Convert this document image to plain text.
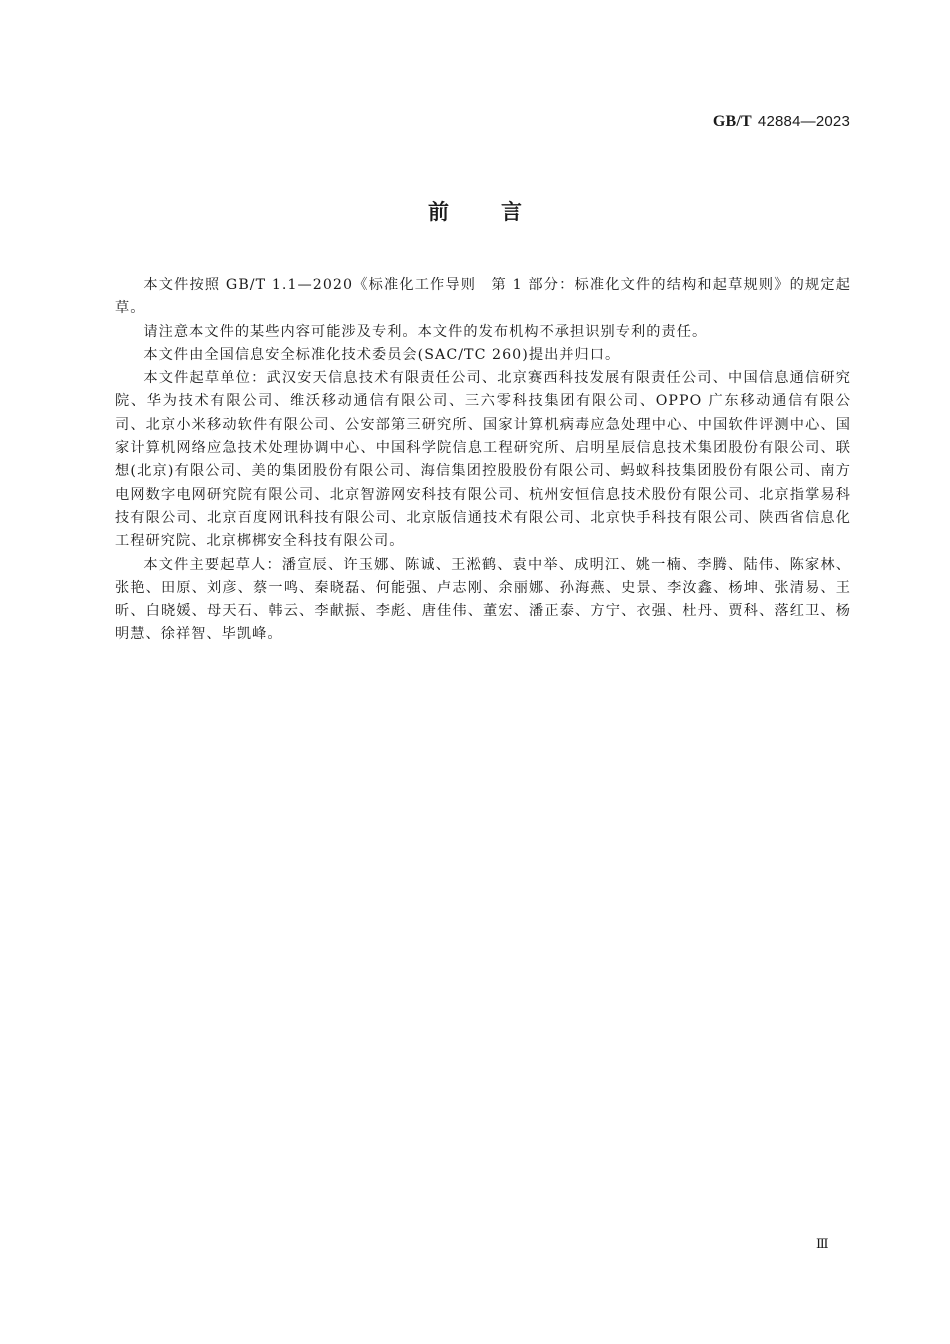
GB/T 42884—2023
前言

本文件按照 GB/T 1.1—2020《标准化工作导则　第 1 部分：标准化文件的结构和起草规则》的规定起草。

请注意本文件的某些内容可能涉及专利。本文件的发布机构不承担识别专利的责任。

本文件由全国信息安全标准化技术委员会(SAC/TC 260)提出并归口。

本文件起草单位：武汉安天信息技术有限责任公司、北京赛西科技发展有限责任公司、中国信息通信研究院、华为技术有限公司、维沃移动通信有限公司、三六零科技集团有限公司、OPPO 广东移动通信有限公司、北京小米移动软件有限公司、公安部第三研究所、国家计算机病毒应急处理中心、中国软件评测中心、国家计算机网络应急技术处理协调中心、中国科学院信息工程研究所、启明星辰信息技术集团股份有限公司、联想(北京)有限公司、美的集团股份有限公司、海信集团控股股份有限公司、蚂蚁科技集团股份有限公司、南方电网数字电网研究院有限公司、北京智游网安科技有限公司、杭州安恒信息技术股份有限公司、北京指掌易科技有限公司、北京百度网讯科技有限公司、北京版信通技术有限公司、北京快手科技有限公司、陕西省信息化工程研究院、北京梆梆安全科技有限公司。

本文件主要起草人：潘宣辰、许玉娜、陈诚、王淞鹤、袁中举、成明江、姚一楠、李腾、陆伟、陈家林、张艳、田原、刘彦、蔡一鸣、秦晓磊、何能强、卢志刚、余丽娜、孙海燕、史景、李汝鑫、杨坤、张清易、王昕、白晓媛、母天石、韩云、李献振、李彪、唐佳伟、董宏、潘正泰、方宁、衣强、杜丹、贾科、落红卫、杨明慧、徐祥智、毕凯峰。

Ⅲ
